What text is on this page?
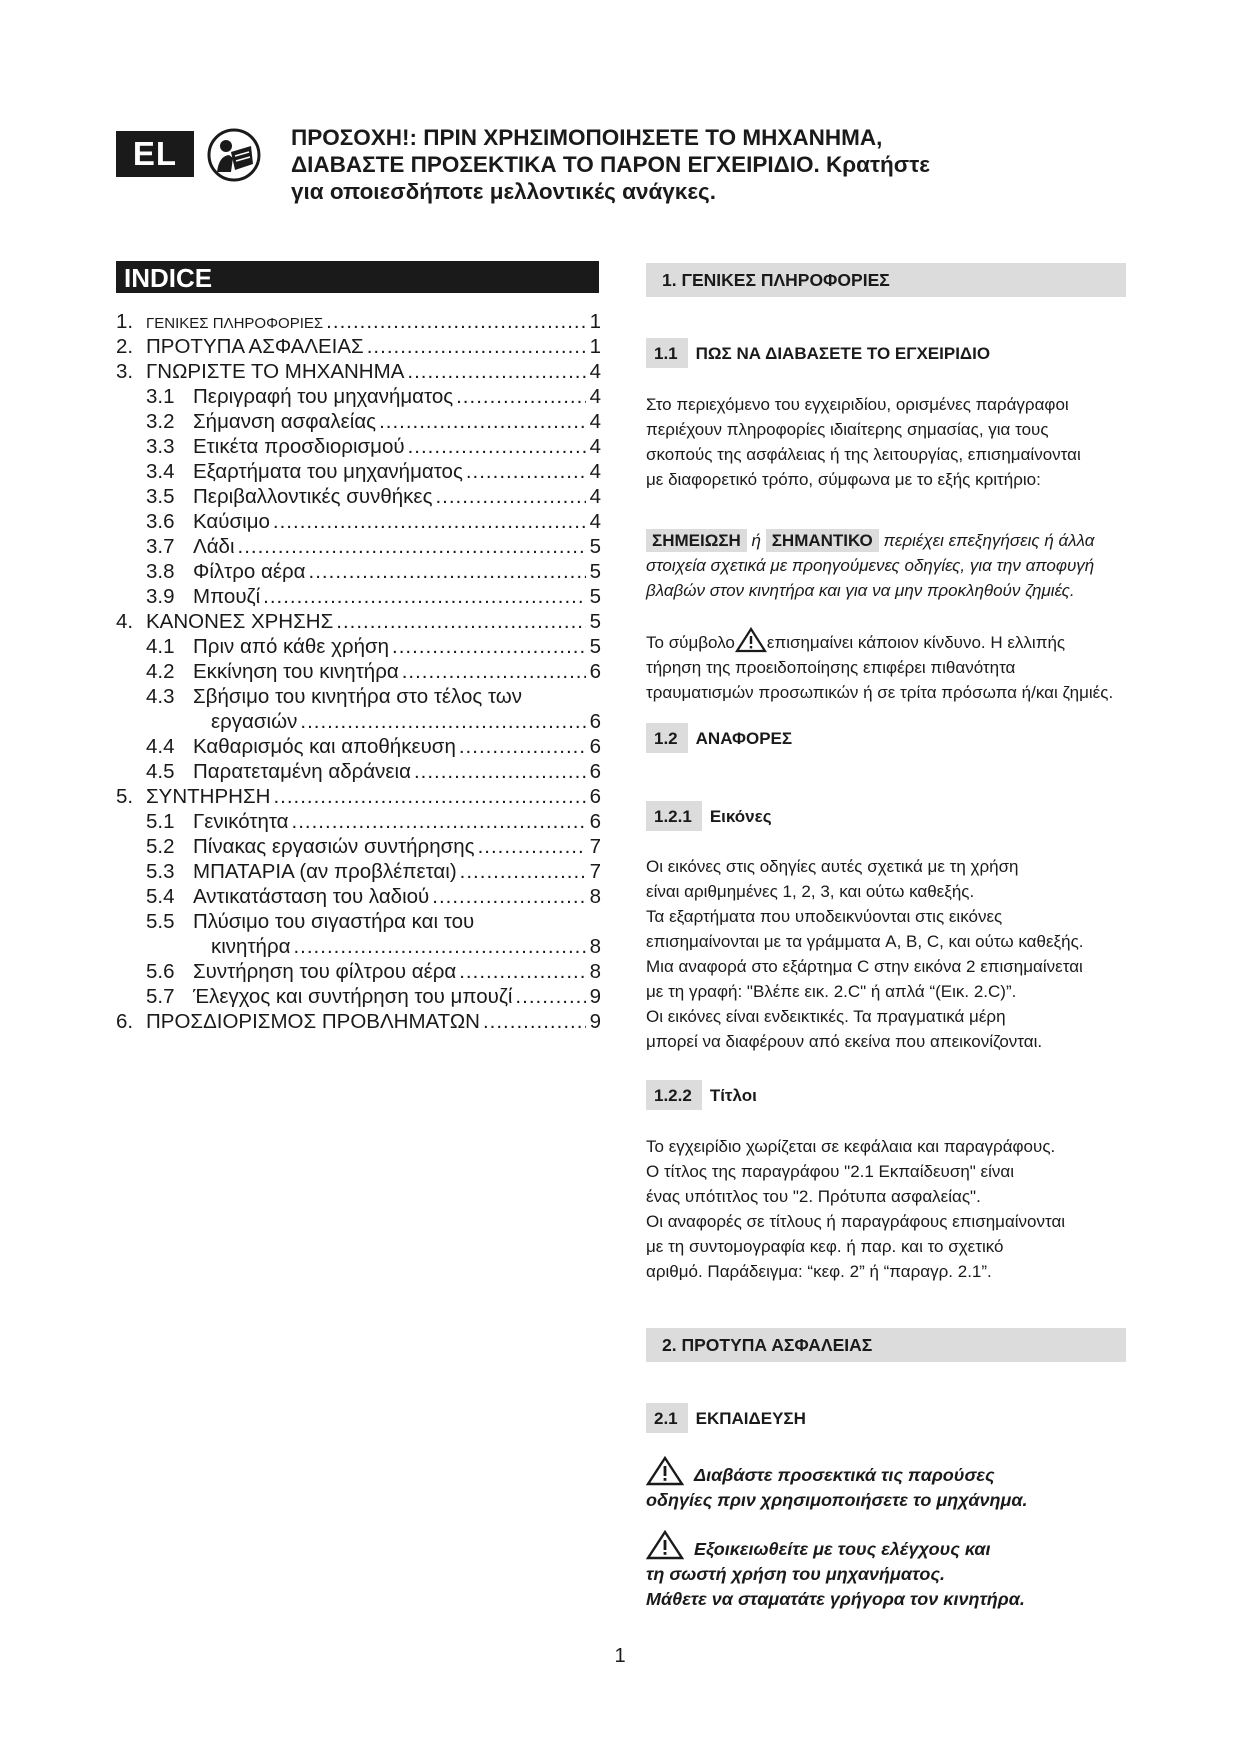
EL	ΠΡΟΣΟΧΗ!: ΠΡΙΝ ΧΡΗΣΙΜΟΠΟΙΗΣΕΤΕ ΤΟ ΜΗΧΑΝΗΜΑ,
ΔΙΑΒΑΣΤΕ ΠΡΟΣΕΚΤΙΚΑ ΤΟ ΠΑΡΟΝ ΕΓΧΕΙΡΙΔΙΟ. Κρατήστε
για οποιεσδήποτε μελλοντικές ανάγκες.
INDICE
1. ΓΕΝΙΚΕΣ ΠΛΗΡΟΦΟΡΙΕΣ .....	1
2. ΠΡΟΤΥΠΑ ΑΣΦΑΛΕΙΑΣ .....	1
3. ΓΝΩΡΙΣΤΕ ΤΟ ΜΗΧΑΝΗΜΑ .....	4
3.1 Περιγραφή του μηχανήματος .....	4
3.2 Σήμανση ασφαλείας .....	4
3.3 Ετικέτα προσδιορισμού .....	4
3.4 Εξαρτήματα του μηχανήματος .....	4
3.5 Περιβαλλοντικές συνθήκες .....	4
3.6 Καύσιμο .....	4
3.7 Λάδι .....	5
3.8 Φίλτρο αέρα .....	5
3.9 Μπουζί .....	5
4. ΚΑΝΟΝΕΣ ΧΡΗΣΗΣ .....	5
4.1 Πριν από κάθε χρήση .....	5
4.2 Εκκίνηση του κινητήρα .....	6
4.3 Σβήσιμο του κινητήρα στο τέλος των
εργασιών .....	6
4.4 Καθαρισμός και αποθήκευση .....	6
4.5 Παρατεταμένη αδράνεια .....	6
5. ΣΥΝΤΗΡΗΣΗ .....	6
5.1 Γενικότητα .....	6
5.2 Πίνακας εργασιών συντήρησης .....	7
5.3 ΜΠΑΤΑΡΙΑ (αν προβλέπεται) .....	7
5.4 Αντικατάσταση του λαδιού .....	8
5.5 Πλύσιμο του σιγαστήρα και του
κινητήρα .....	8
5.6 Συντήρηση του φίλτρου αέρα .....	8
5.7 Έλεγχος και συντήρηση του μπουζί .....	9
6. ΠΡΟΣΔΙΟΡΙΣΜΟΣ ΠΡΟΒΛΗΜΑΤΩΝ .....	9
1. ΓΕΝΙΚΕΣ ΠΛΗΡΟΦΟΡΙΕΣ
1.1	ΠΩΣ ΝΑ ΔΙΑΒΑΣΕΤΕ ΤΟ ΕΓΧΕΙΡΙΔΙΟ
Στο περιεχόμενο του εγχειριδίου, ορισμένες παράγραφοι
περιέχουν πληροφορίες ιδιαίτερης σημασίας, για τους
σκοπούς της ασφάλειας ή της λειτουργίας, επισημαίνονται
με διαφορετικό τρόπο, σύμφωνα με το εξής κριτήριο:
ΣΗΜΕΙΩΣΗ ή ΣΗΜΑΝΤΙΚΟ περιέχει επεξηγήσεις ή άλλα
στοιχεία σχετικά με προηγούμενες οδηγίες, για την αποφυγή
βλαβών στον κινητήρα και για να μην προκληθούν ζημιές.
Το σύμβολο επισημαίνει κάποιον κίνδυνο. Η ελλιπής
τήρηση της προειδοποίησης επιφέρει πιθανότητα
τραυματισμών προσωπικών ή σε τρίτα πρόσωπα ή/και ζημιές.
1.2	ΑΝΑΦΟΡΕΣ
1.2.1	Εικόνες
Οι εικόνες στις οδηγίες αυτές σχετικά με τη χρήση
είναι αριθμημένες 1, 2, 3, και ούτω καθεξής.
Τα εξαρτήματα που υποδεικνύονται στις εικόνες
επισημαίνονται με τα γράμματα A, B, C, και ούτω καθεξής.
Μια αναφορά στο εξάρτημα C στην εικόνα 2 επισημαίνεται
με τη γραφή: "Βλέπε εικ. 2.C" ή απλά “(Εικ. 2.C)”.
Οι εικόνες είναι ενδεικτικές. Τα πραγματικά μέρη
μπορεί να διαφέρουν από εκείνα που απεικονίζονται.
1.2.2	Τίτλοι
Το εγχειρίδιο χωρίζεται σε κεφάλαια και παραγράφους.
Ο τίτλος της παραγράφου "2.1 Εκπαίδευση" είναι
ένας υπότιτλος του "2. Πρότυπα ασφαλείας".
Οι αναφορές σε τίτλους ή παραγράφους επισημαίνονται
με τη συντομογραφία κεφ. ή παρ. και το σχετικό
αριθμό. Παράδειγμα: “κεφ. 2” ή “παραγρ. 2.1”.
2. ΠΡΟΤΥΠΑ ΑΣΦΑΛΕΙΑΣ
2.1	ΕΚΠΑΙΔΕΥΣΗ
Διαβάστε προσεκτικά τις παρούσες
οδηγίες πριν χρησιμοποιήσετε το μηχάνημα.
Εξοικειωθείτε με τους ελέγχους και
τη σωστή χρήση του μηχανήματος.
Μάθετε να σταματάτε γρήγορα τον κινητήρα.
1
